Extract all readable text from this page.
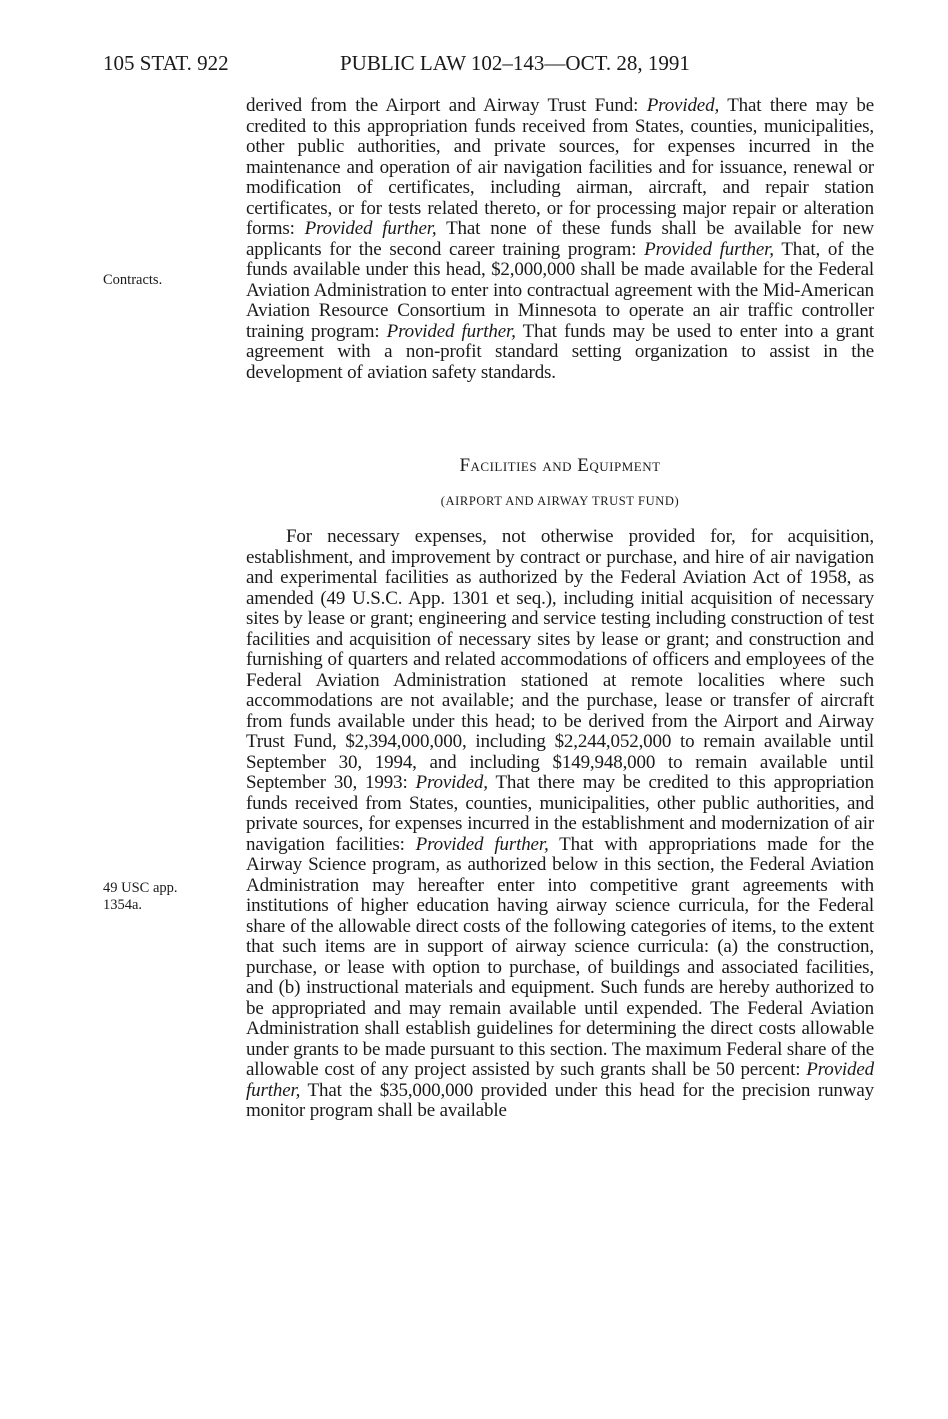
105 STAT. 922	PUBLIC LAW 102–143—OCT. 28, 1991
Contracts.
49 USC app.
1354a.
derived from the Airport and Airway Trust Fund: Provided, That there may be credited to this appropriation funds received from States, counties, municipalities, other public authorities, and private sources, for expenses incurred in the maintenance and operation of air navigation facilities and for issuance, renewal or modification of certificates, including airman, aircraft, and repair station certificates, or for tests related thereto, or for processing major repair or alteration forms: Provided further, That none of these funds shall be available for new applicants for the second career training program: Provided further, That, of the funds available under this head, $2,000,000 shall be made available for the Federal Aviation Administration to enter into contractual agreement with the Mid-American Aviation Resource Consortium in Minnesota to operate an air traffic controller training program: Provided further, That funds may be used to enter into a grant agreement with a non-profit standard setting organization to assist in the development of aviation safety standards.
Facilities and Equipment
(AIRPORT AND AIRWAY TRUST FUND)
For necessary expenses, not otherwise provided for, for acquisition, establishment, and improvement by contract or purchase, and hire of air navigation and experimental facilities as authorized by the Federal Aviation Act of 1958, as amended (49 U.S.C. App. 1301 et seq.), including initial acquisition of necessary sites by lease or grant; engineering and service testing including construction of test facilities and acquisition of necessary sites by lease or grant; and construction and furnishing of quarters and related accommodations of officers and employees of the Federal Aviation Administration stationed at remote localities where such accommodations are not available; and the purchase, lease or transfer of aircraft from funds available under this head; to be derived from the Airport and Airway Trust Fund, $2,394,000,000, including $2,244,052,000 to remain available until September 30, 1994, and including $149,948,000 to remain available until September 30, 1993: Provided, That there may be credited to this appropriation funds received from States, counties, municipalities, other public authorities, and private sources, for expenses incurred in the establishment and modernization of air navigation facilities: Provided further, That with appropriations made for the Airway Science program, as authorized below in this section, the Federal Aviation Administration may hereafter enter into competitive grant agreements with institutions of higher education having airway science curricula, for the Federal share of the allowable direct costs of the following categories of items, to the extent that such items are in support of airway science curricula: (a) the construction, purchase, or lease with option to purchase, of buildings and associated facilities, and (b) instructional materials and equipment. Such funds are hereby authorized to be appropriated and may remain available until expended. The Federal Aviation Administration shall establish guidelines for determining the direct costs allowable under grants to be made pursuant to this section. The maximum Federal share of the allowable cost of any project assisted by such grants shall be 50 percent: Provided further, That the $35,000,000 provided under this head for the precision runway monitor program shall be available
